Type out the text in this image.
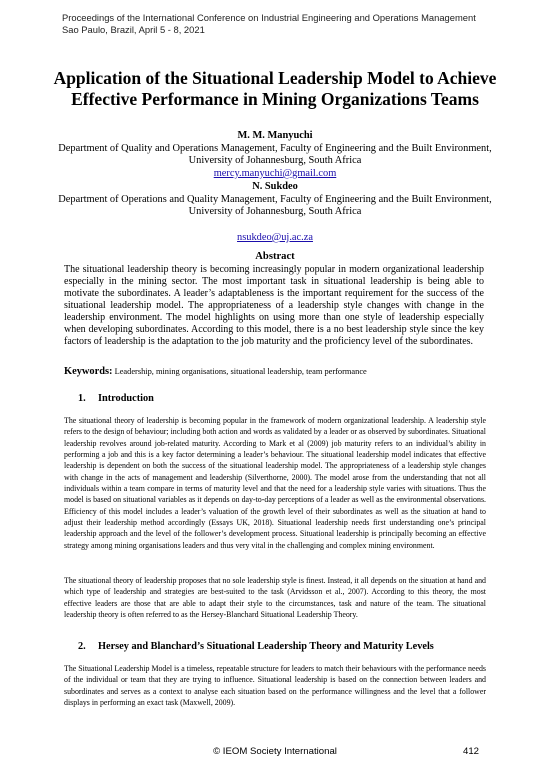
Proceedings of the International Conference on Industrial Engineering and Operations Management
Sao Paulo, Brazil, April 5 - 8, 2021
Application of the Situational Leadership Model to Achieve Effective Performance in Mining Organizations Teams
M. M. Manyuchi
Department of Quality and Operations Management, Faculty of Engineering and the Built Environment, University of Johannesburg, South Africa
mercy.manyuchi@gmail.com
N. Sukdeo
Department of Operations and Quality Management, Faculty of Engineering and the Built Environment, University of Johannesburg, South Africa
nsukdeo@uj.ac.za
Abstract
The situational leadership theory is becoming increasingly popular in modern organizational leadership especially in the mining sector. The most important task in situational leadership is being able to motivate the subordinates. A leader’s adaptableness is the important requirement for the success of the situational leadership model. The appropriateness of a leadership style changes with change in the leadership environment. The model highlights on using more than one style of leadership especially when developing subordinates. According to this model, there is a no best leadership style since the key factors of leadership is the adaptation to the job maturity and the proficiency level of the subordinates.
Keywords: Leadership, mining organisations, situational leadership, team performance
1. Introduction
The situational theory of leadership is becoming popular in the framework of modern organizational leadership. A leadership style refers to the design of behaviour; including both action and words as validated by a leader or as observed by subordinates. Situational leadership revolves around job-related maturity. According to Mark et al (2009) job maturity refers to an individual’s ability in performing a job and this is a key factor determining a leader’s behaviour. The situational leadership model indicates that effective leadership is dependent on both the success of the situational leadership model. The appropriateness of a leadership style changes with change in the acts of management and leadership (Silverthorne, 2000). The model arose from the understanding that not all individuals within a team compare in terms of maturity level and that the need for a leadership style varies with situations. Thus the model is based on situational variables as it depends on day-to-day perceptions of a leader as well as the environmental observations. Efficiency of this model includes a leader’s valuation of the growth level of their subordinates as well as the situation at hand to adjust their leadership method accordingly (Essays UK, 2018). Situational leadership needs first understanding one’s principal leadership approach and the level of the follower’s development process. Situational leadership is principally becoming an effective strategy among mining organisations leaders and thus very vital in the challenging and complex mining environment.
The situational theory of leadership proposes that no sole leadership style is finest. Instead, it all depends on the situation at hand and which type of leadership and strategies are best-suited to the task (Arvidsson et al., 2007). According to this theory, the most effective leaders are those that are able to adapt their style to the circumstances, task and nature of the team. The situational leadership theory is often referred to as the Hersey-Blanchard Situational Leadership Theory.
2. Hersey and Blanchard’s Situational Leadership Theory and Maturity Levels
The Situational Leadership Model is a timeless, repeatable structure for leaders to match their behaviours with the performance needs of the individual or team that they are trying to influence. Situational leadership is based on the connection between leaders and subordinates and serves as a context to analyse each situation based on the performance willingness and the level that a follower displays in performing an exact task (Maxwell, 2009).
© IEOM Society International	412
